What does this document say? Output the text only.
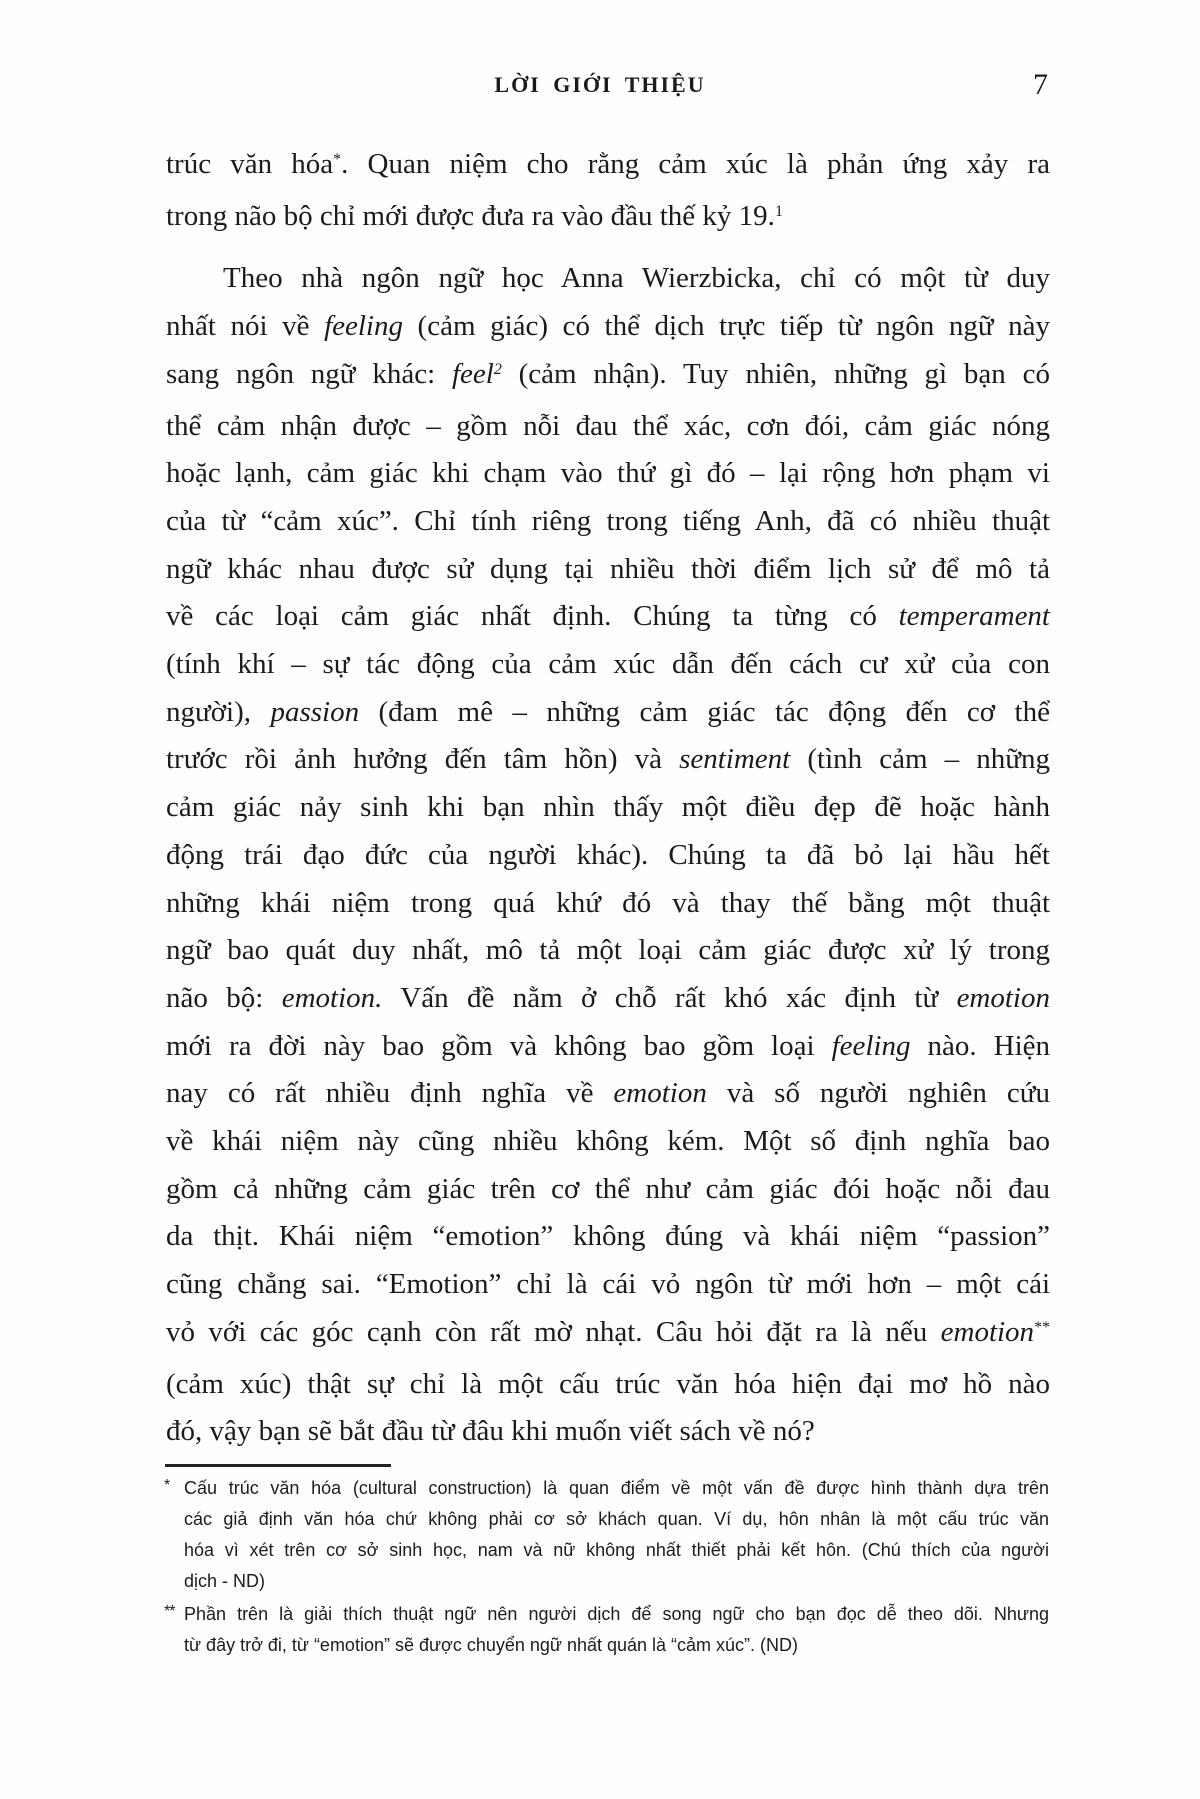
LỜI GIỚI THIỆU	7
trúc văn hóa*. Quan niệm cho rằng cảm xúc là phản ứng xảy ra
trong não bộ chỉ mới được đưa ra vào đầu thế kỷ 19.$^1$
Theo nhà ngôn ngữ học Anna Wierzbicka, chỉ có một từ duy
nhất nói về feeling (cảm giác) có thể dịch trực tiếp từ ngôn ngữ này
sang ngôn ngữ khác: feel$^2$ (cảm nhận). Tuy nhiên, những gì bạn có
thể cảm nhận được – gồm nỗi đau thể xác, cơn đói, cảm giác nóng
hoặc lạnh, cảm giác khi chạm vào thứ gì đó – lại rộng hơn phạm vi
của từ “cảm xúc”. Chỉ tính riêng trong tiếng Anh, đã có nhiều thuật
ngữ khác nhau được sử dụng tại nhiều thời điểm lịch sử để mô tả
về các loại cảm giác nhất định. Chúng ta từng có temperament
(tính khí – sự tác động của cảm xúc dẫn đến cách cư xử của con
người), passion (đam mê – những cảm giác tác động đến cơ thể
trước rồi ảnh hưởng đến tâm hồn) và sentiment (tình cảm – những
cảm giác nảy sinh khi bạn nhìn thấy một điều đẹp đẽ hoặc hành
động trái đạo đức của người khác). Chúng ta đã bỏ lại hầu hết
những khái niệm trong quá khứ đó và thay thế bằng một thuật
ngữ bao quát duy nhất, mô tả một loại cảm giác được xử lý trong
não bộ: emotion. Vấn đề nằm ở chỗ rất khó xác định từ emotion
mới ra đời này bao gồm và không bao gồm loại feeling nào. Hiện
nay có rất nhiều định nghĩa về emotion và số người nghiên cứu
về khái niệm này cũng nhiều không kém. Một số định nghĩa bao
gồm cả những cảm giác trên cơ thể như cảm giác đói hoặc nỗi đau
da thịt. Khái niệm “emotion” không đúng và khái niệm “passion”
cũng chẳng sai. “Emotion” chỉ là cái vỏ ngôn từ mới hơn – một cái
vỏ với các góc cạnh còn rất mờ nhạt. Câu hỏi đặt ra là nếu emotion**
(cảm xúc) thật sự chỉ là một cấu trúc văn hóa hiện đại mơ hồ nào
đó, vậy bạn sẽ bắt đầu từ đâu khi muốn viết sách về nó?
* Cấu trúc văn hóa (cultural construction) là quan điểm về một vấn đề được hình thành dựa trên
các giả định văn hóa chứ không phải cơ sở khách quan. Ví dụ, hôn nhân là một cấu trúc văn
hóa vì xét trên cơ sở sinh học, nam và nữ không nhất thiết phải kết hôn. (Chú thích của người
dịch - ND)
** Phần trên là giải thích thuật ngữ nên người dịch để song ngữ cho bạn đọc dễ theo dõi. Nhưng
từ đây trở đi, từ “emotion” sẽ được chuyển ngữ nhất quán là “cảm xúc”. (ND)
